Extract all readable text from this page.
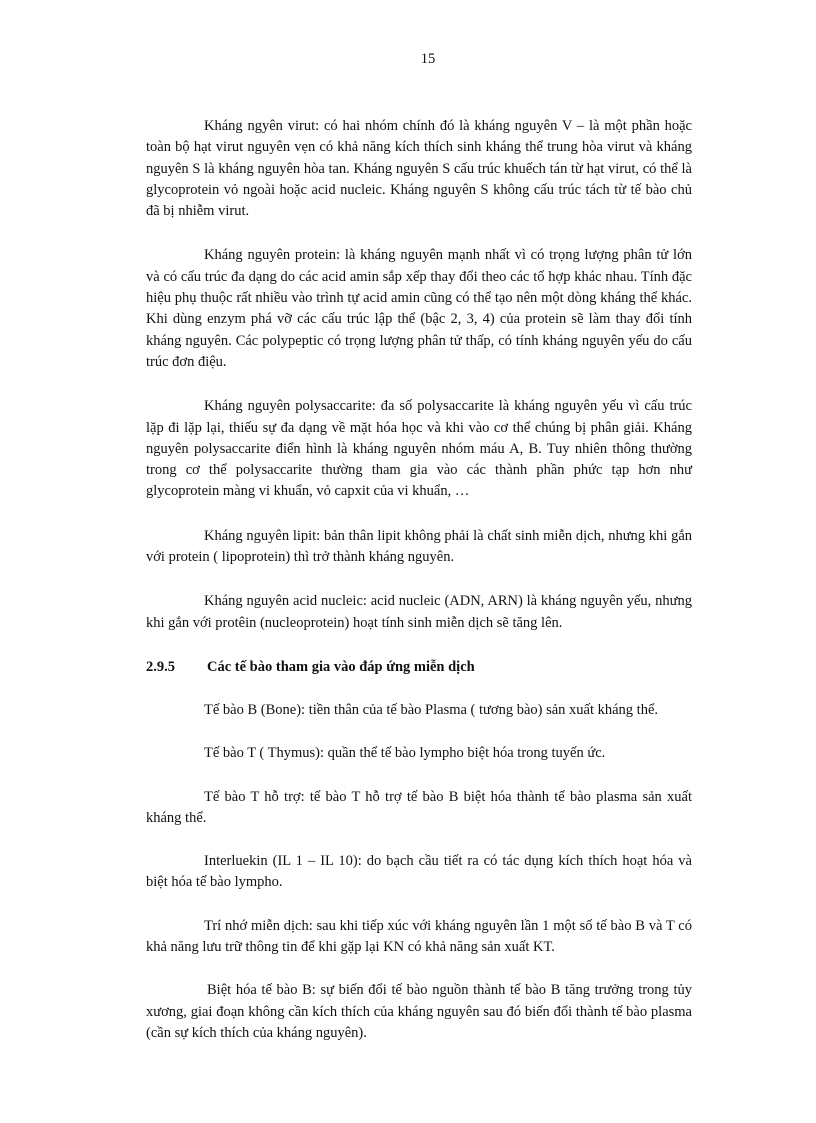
15

Kháng ngyên virut: có hai nhóm chính đó là kháng nguyên V – là một phần hoặc toàn bộ hạt virut nguyên vẹn có khả năng kích thích sinh kháng thể trung hòa virut và kháng nguyên S là kháng nguyên hòa tan. Kháng nguyên S cấu trúc khuếch tán từ hạt virut, có thể là glycoprotein vỏ ngoài hoặc acid nucleic. Kháng nguyên S không cấu trúc tách từ tế bào chủ đã bị nhiễm virut.

Kháng nguyên protein: là kháng nguyên mạnh nhất vì có trọng lượng phân tử lớn và có cấu trúc đa dạng do các acid amin sắp xếp thay đổi theo các tổ hợp khác nhau. Tính đặc hiệu phụ thuộc rất nhiều vào trình tự acid amin cũng có thể tạo nên một dòng kháng thể khác. Khi dùng enzym phá vỡ các cấu trúc lập thể (bậc 2, 3, 4) của protein sẽ làm thay đổi tính kháng nguyên. Các polypeptic có trọng lượng phân tử thấp, có tính kháng nguyên yếu do cấu trúc đơn điệu.

Kháng nguyên polysaccarite: đa số polysaccarite là kháng nguyên yếu vì cấu trúc lặp đi lặp lại, thiếu sự đa dạng về mặt hóa học và khi vào cơ thể chúng bị phân giải. Kháng nguyên polysaccarite điển hình là kháng nguyên nhóm máu A, B. Tuy nhiên thông thường trong cơ thể polysaccarite thường tham gia vào các thành phần phức tạp hơn như glycoprotein màng vi khuẩn, vỏ capxit của vi khuẩn, …

Kháng nguyên lipit: bản thân lipit không phải là chất sinh miễn dịch, nhưng khi gắn với protein ( lipoprotein) thì trở thành kháng nguyên.

Kháng nguyên acid nucleic: acid nucleic (ADN, ARN) là kháng nguyên yếu, nhưng khi gắn với protêin (nucleoprotein) hoạt tính sinh miễn dịch sẽ tăng lên.

2.9.5	Các tế bào tham gia vào đáp ứng miễn dịch

Tế bào B (Bone): tiền thân của tế bào Plasma ( tương bào) sản xuất kháng thể.

Tế bào T ( Thymus): quần thể tế bào lympho biệt hóa trong tuyến ức.

Tế bào T hỗ trợ: tế bào T hỗ trợ tế bào B biệt hóa thành tế bào plasma sản xuất kháng thể.

Interluekin (IL 1 – IL 10): do bạch cầu tiết ra có tác dụng kích thích hoạt hóa và biệt hóa tế bào lympho.

Trí nhớ miễn dịch: sau khi tiếp xúc với kháng nguyên lần 1 một số tế bào B và T có khả năng lưu trữ thông tin để khi gặp lại KN có khả năng sản xuất KT.

Biệt hóa tế bào B: sự biến đổi tế bào nguồn thành tế bào B tăng trưởng trong tủy xương, giai đoạn không cần kích thích của kháng nguyên sau đó biến đổi thành tế bào plasma (cần sự kích thích của kháng nguyên).
